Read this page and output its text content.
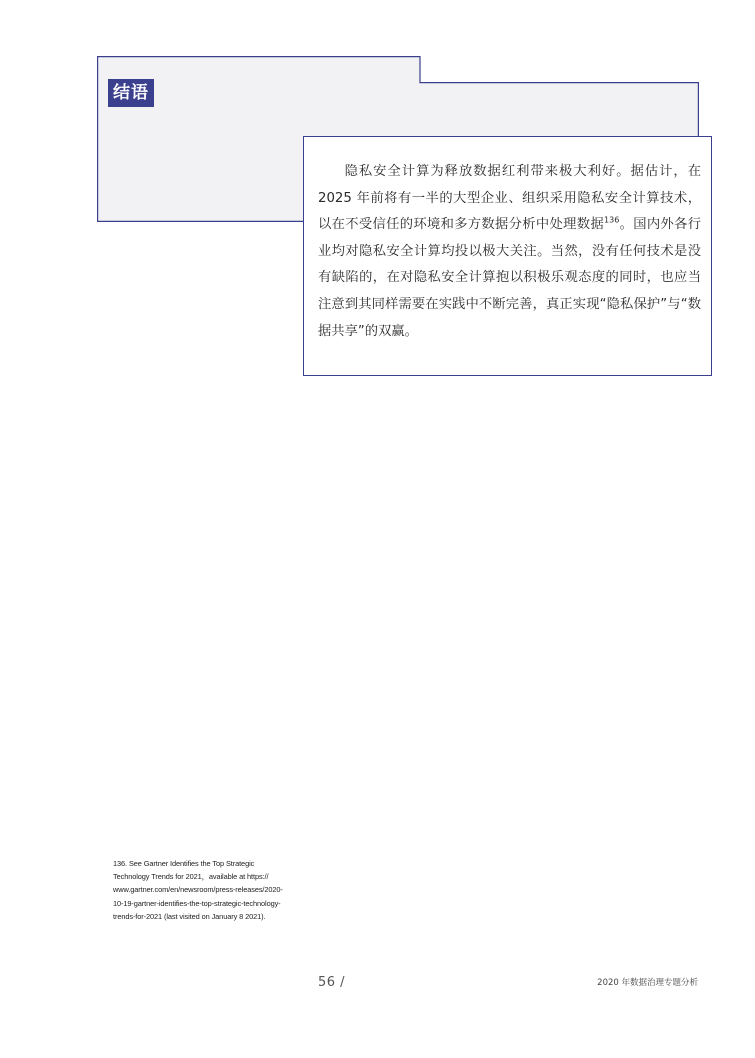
结语

隐私安全计算为释放数据红利带来极大利好。据估计，在2025 年前将有一半的大型企业、组织采用隐私安全计算技术，以在不受信任的环境和多方数据分析中处理数据$^{136}$。国内外各行业均对隐私安全计算均投以极大关注。当然，没有任何技术是没有缺陷的，在对隐私安全计算抱以积极乐观态度的同时，也应当注意到其同样需要在实践中不断完善，真正实现“隐私保护”与“数据共享”的双赢。

136. See Gartner Identifies the Top Strategic
Technology Trends for 2021，available at https://
www.gartner.com/en/newsroom/press-releases/2020-
10-19-gartner-identifies-the-top-strategic-technology-
trends-for-2021 (last visited on January 8 2021).

56 /	2020 年数据治理专题分析
